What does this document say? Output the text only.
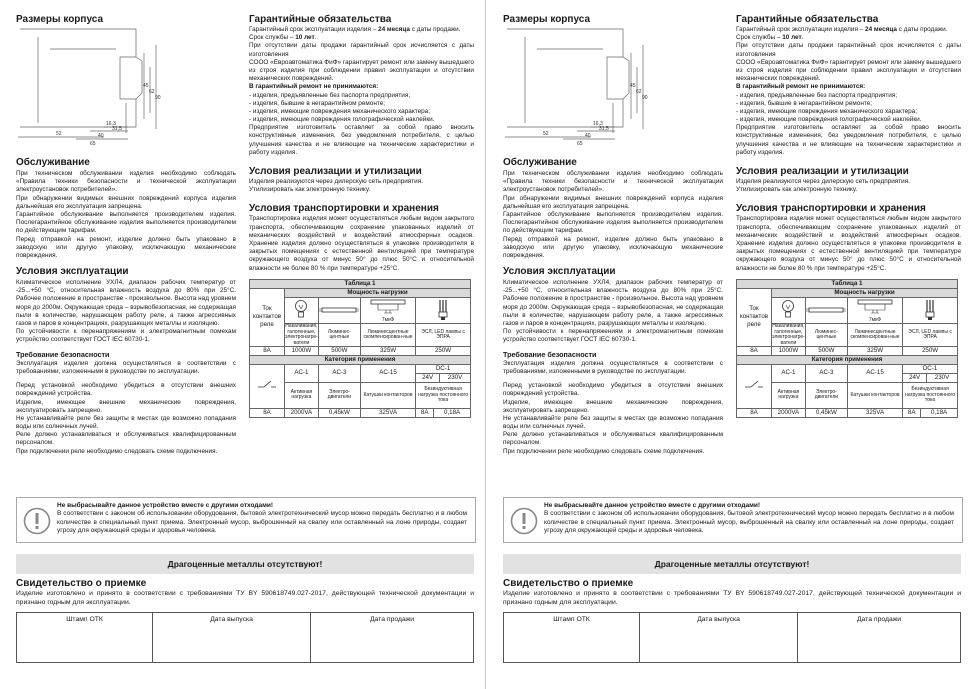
Размеры корпуса
52
45
62
90
16,3
31,5
40
65
Обслуживание

При техническом обслуживании изделия необходимо соблюдать «Правила техники безопасности и технической эксплуатации электроустановок потребителей».

При обнаружении видимых внешних повреждений корпуса изделия дальнейшая его эксплуатация запрещена.

Гарантийное обслуживание выполняется производителем изделия. Послегарантийное обслуживание изделия выполняется производителем по действующим тарифам.

Перед отправкой на ремонт, изделие должно быть упаковано в заводскую или другую упаковку, исключающую механические повреждения.

Условия эксплуатации

Климатическое исполнение УХЛ4, диапазон рабочих температур от -25...+50 °С, относительная влажность воздуха до 80% при 25°С. Рабочее положение в пространстве - произвольное. Высота над уровнем моря до 2000м. Окружающая среда – взрывобезопасная, не содержащая пыли в количестве, нарушающем работу реле, а также агрессивных газов и паров в концентрациях, разрушающих металлы и изоляцию.

По устойчивости к перенапряжениям и электромагнитным помехам устройство соответствует ГОСТ IEC 60730-1.

Требование безопасности

Эксплуатация изделия должна осуществляться в соответствии с требованиями, изложенными в руководстве по эксплуатации.

Перед установкой необходимо убедиться в отсутствии внешних повреждений устройства.

Изделие, имеющее внешние механические повреждения, эксплуатировать запрещено.

Не устанавливайте реле без защиты в местах где возможно попадания воды или солнечных лучей.

Реле должно устанавливаться и обслуживаться квалифицированным персоналом.

При подключении реле необходимо следовать схеме подключения.

Гарантийные обязательства

Гарантийный срок эксплуатации изделия – 24 месяца с даты продажи.

Срок службы – 10 лет.

При отсутствии даты продажи гарантийный срок исчисляется с даты изготовления

СООО «Евроавтоматика ФиФ» гарантирует ремонт или замену вышедшего из строя изделия при соблюдении правил эксплуатации и отсутствии механических повреждений.

В гарантийный ремонт не принимаются:

- изделия, предъявленные без паспорта предприятия;

- изделия, бывшие в негарантийном ремонте;

- изделия, имеющие повреждения механического характера;

- изделия, имеющие повреждения голографической наклейки.

Предприятие изготовитель оставляет за собой право вносить конструктивные изменения, без уведомления потребителя, с целью улучшения качества и не влияющие на технические характеристики и работу изделия.

Условия реализации и утилизации

Изделия реализуются через дилерскую сеть предприятия.

Утилизировать как электронную технику.

Условия транспортировки и хранения

Транспортировка изделия может осуществляться любым видом закрытого транспорта, обеспечивающим сохранение упакованных изделий от механических воздействий и воздействий атмосферных осадков. Хранение изделия должно осуществляться в упаковке производителя в закрытых помещениях с естественной вентиляцией при температуре окружающего воздуха от минус 50° до плюс 50°С и относительной влажности не более 80 % при температуре +25°С.

Таблица 1
Ток контактов реле	Мощность нагрузки

7мкФ

Накаливания, галогенные, электронагре-ватели	Люминес-центные	Люминесцентные скомпенсирован-ные	ЭСЛ, LED лампы с ЭПРА
8А	1000W	500W	325W	250W
Категория применения
	AC-1	AC-3	AC-15	DC-1

24V	230V

Активная нагрузка	Электро-двигатели	Катушки контакторов	Безиндуктивная нагрузка постоянного тока
8А	2000VA	0,45kW	325VA		8A	0,18A
Не выбрасывайте данное устройство вместе с другими отходами!
В соответствии с законом об использовании оборудования, бытовой электротехнический мусор можно передать бесплатно и в любом количестве в специальный пункт приема. Электронный мусор, выброшенный на свалку или оставленный на лоне природы, создает угрозу для окружающей среды и здоровья человека.
Драгоценные металлы отсутствуют!
Свидетельство о приемке

Изделие изготовлено и принято в соответствии с требованиями ТУ BY 590618749.027-2017, действующей технической документации и признано годным для эксплуатации.

Штамп ОТК	Дата выпуска	Дата продажи
Размеры корпуса
52
45
62
90
16,3
31,5
40
65
Обслуживание

При техническом обслуживании изделия необходимо соблюдать «Правила техники безопасности и технической эксплуатации электроустановок потребителей».

При обнаружении видимых внешних повреждений корпуса изделия дальнейшая его эксплуатация запрещена.

Гарантийное обслуживание выполняется производителем изделия. Послегарантийное обслуживание изделия выполняется производителем по действующим тарифам.

Перед отправкой на ремонт, изделие должно быть упаковано в заводскую или другую упаковку, исключающую механические повреждения.

Условия эксплуатации

Климатическое исполнение УХЛ4, диапазон рабочих температур от -25...+50 °С, относительная влажность воздуха до 80% при 25°С. Рабочее положение в пространстве - произвольное. Высота над уровнем моря до 2000м. Окружающая среда – взрывобезопасная, не содержащая пыли в количестве, нарушающем работу реле, а также агрессивных газов и паров в концентрациях, разрушающих металлы и изоляцию.

По устойчивости к перенапряжениям и электромагнитным помехам устройство соответствует ГОСТ IEC 60730-1.

Требование безопасности

Эксплуатация изделия должна осуществляться в соответствии с требованиями, изложенными в руководстве по эксплуатации.

Перед установкой необходимо убедиться в отсутствии внешних повреждений устройства.

Изделие, имеющее внешние механические повреждения, эксплуатировать запрещено.

Не устанавливайте реле без защиты в местах где возможно попадания воды или солнечных лучей.

Реле должно устанавливаться и обслуживаться квалифицированным персоналом.

При подключении реле необходимо следовать схеме подключения.

Гарантийные обязательства

Гарантийный срок эксплуатации изделия – 24 месяца с даты продажи.

Срок службы – 10 лет.

При отсутствии даты продажи гарантийный срок исчисляется с даты изготовления

СООО «Евроавтоматика ФиФ» гарантирует ремонт или замену вышедшего из строя изделия при соблюдении правил эксплуатации и отсутствии механических повреждений.

В гарантийный ремонт не принимаются:

- изделия, предъявленные без паспорта предприятия;

- изделия, бывшие в негарантийном ремонте;

- изделия, имеющие повреждения механического характера;

- изделия, имеющие повреждения голографической наклейки.

Предприятие изготовитель оставляет за собой право вносить конструктивные изменения, без уведомления потребителя, с целью улучшения качества и не влияющие на технические характеристики и работу изделия.

Условия реализации и утилизации

Изделия реализуются через дилерскую сеть предприятия.

Утилизировать как электронную технику.

Условия транспортировки и хранения

Транспортировка изделия может осуществляться любым видом закрытого транспорта, обеспечивающим сохранение упакованных изделий от механических воздействий и воздействий атмосферных осадков. Хранение изделия должно осуществляться в упаковке производителя в закрытых помещениях с естественной вентиляцией при температуре окружающего воздуха от минус 50° до плюс 50°С и относительной влажности не более 80 % при температуре +25°С.

Таблица 1
Ток контактов реле	Мощность нагрузки

7мкФ

Накаливания, галогенные, электронагре-ватели	Люминес-центные	Люминесцентные скомпенсирован-ные	ЭСЛ, LED лампы с ЭПРА
8А	1000W	500W	325W	250W
Категория применения
	AC-1	AC-3	AC-15	DC-1

24V	230V

Активная нагрузка	Электро-двигатели	Катушки контакторов	Безиндуктивная нагрузка постоянного тока
8А	2000VA	0,45kW	325VA		8A	0,18A
Не выбрасывайте данное устройство вместе с другими отходами!
В соответствии с законом об использовании оборудования, бытовой электротехнический мусор можно передать бесплатно и в любом количестве в специальный пункт приема. Электронный мусор, выброшенный на свалку или оставленный на лоне природы, создает угрозу для окружающей среды и здоровья человека.
Драгоценные металлы отсутствуют!
Свидетельство о приемке

Изделие изготовлено и принято в соответствии с требованиями ТУ BY 590618749.027-2017, действующей технической документации и признано годным для эксплуатации.

Штамп ОТК	Дата выпуска	Дата продажи
